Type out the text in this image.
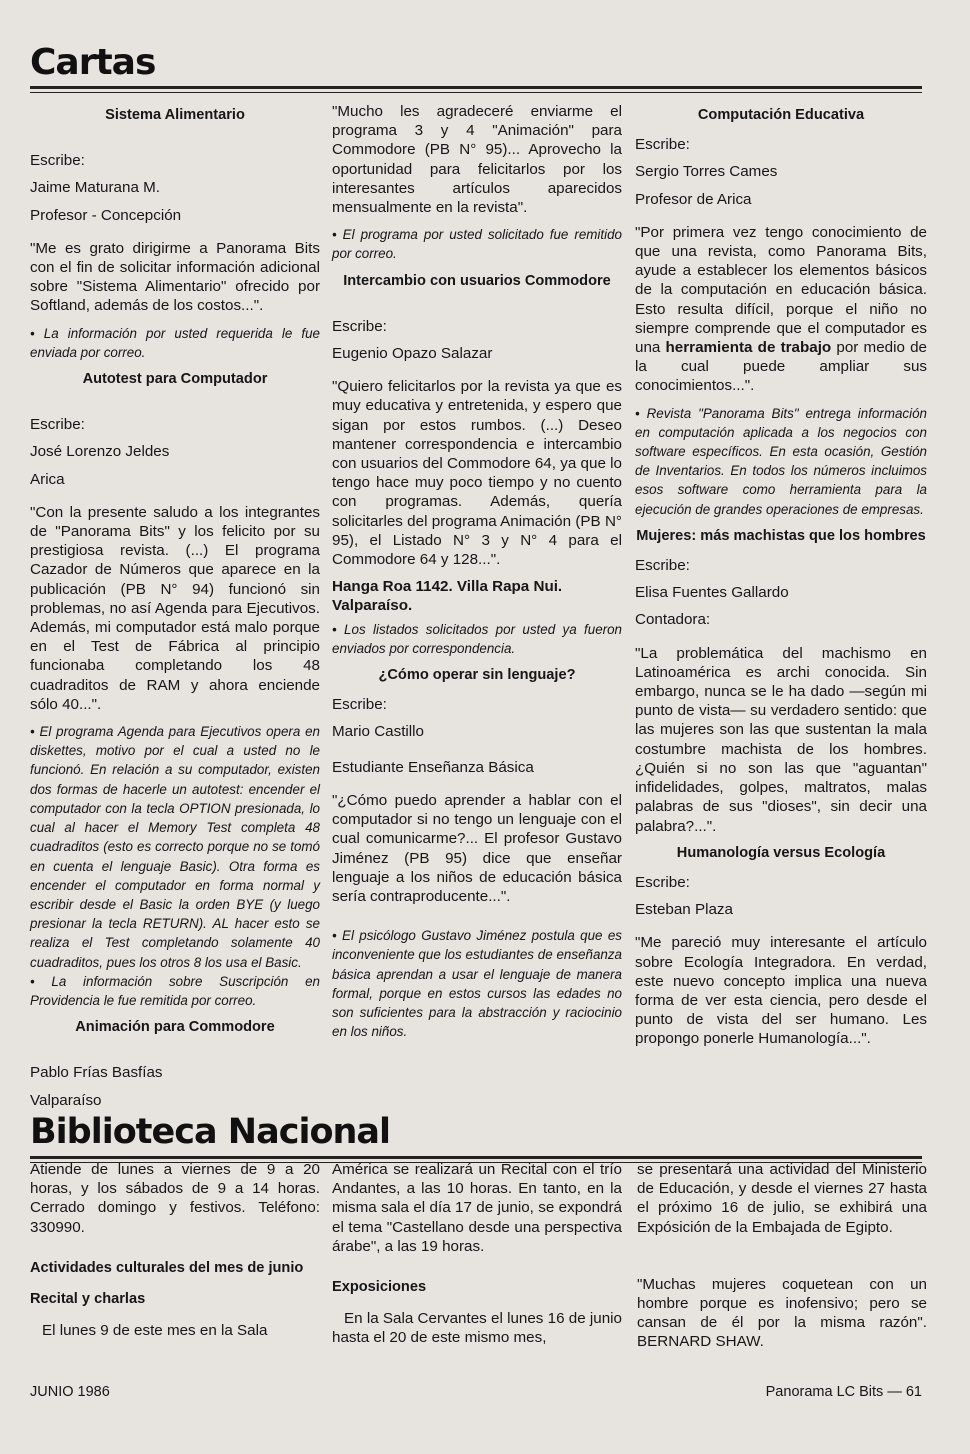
Cartas
Sistema Alimentario

Escribe:

Jaime Maturana M.

Profesor - Concepción

"Me es grato dirigirme a Panorama Bits con el fin de solicitar información adicional sobre "Sistema Alimentario" ofrecido por Softland, además de los costos...".

• La información por usted requerida le fue enviada por correo.

Autotest para Computador

Escribe:

José Lorenzo Jeldes

Arica

"Con la presente saludo a los integrantes de "Panorama Bits" y los felicito por su prestigiosa revista. (...) El programa Cazador de Números que aparece en la publicación (PB N° 94) funcionó sin problemas, no así Agenda para Ejecutivos. Además, mi computador está malo porque en el Test de Fábrica al principio funcionaba completando los 48 cuadraditos de RAM y ahora enciende sólo 40...".

• El programa Agenda para Ejecutivos opera en diskettes, motivo por el cual a usted no le funcionó. En relación a su computador, existen dos formas de hacerle un autotest: encender el computador con la tecla OPTION presionada, lo cual al hacer el Memory Test completa 48 cuadraditos (esto es correcto porque no se tomó en cuenta el lenguaje Basic). Otra forma es encender el computador en forma normal y escribir desde el Basic la orden BYE (y luego presionar la tecla RETURN). AL hacer esto se realiza el Test completando solamente 40 cuadraditos, pues los otros 8 los usa el Basic.

• La información sobre Suscripción en Providencia le fue remitida por correo.

Animación para Commodore

Pablo Frías Basfías

Valparaíso

"Mucho les agradeceré enviarme el programa 3 y 4 "Animación" para Commodore (PB N° 95)... Aprovecho la oportunidad para felicitarlos por los interesantes artículos aparecidos mensualmente en la revista".

• El programa por usted solicitado fue remitido por correo.

Intercambio con usuarios Commodore

Escribe:

Eugenio Opazo Salazar

"Quiero felicitarlos por la revista ya que es muy educativa y entretenida, y espero que sigan por estos rumbos. (...) Deseo mantener correspondencia e intercambio con usuarios del Commodore 64, ya que lo tengo hace muy poco tiempo y no cuento con programas. Además, quería solicitarles del programa Animación (PB N° 95), el Listado N° 3 y N° 4 para el Commodore 64 y 128...".

Hanga Roa 1142. Villa Rapa Nui. Valparaíso.

• Los listados solicitados por usted ya fueron enviados por correspondencia.

¿Cómo operar sin lenguaje?

Escribe:

Mario Castillo

Estudiante Enseñanza Básica

"¿Cómo puedo aprender a hablar con el computador si no tengo un lenguaje con el cual comunicarme?... El profesor Gustavo Jiménez (PB 95) dice que enseñar lenguaje a los niños de educación básica sería contraproducente...".

• El psicólogo Gustavo Jiménez postula que es inconveniente que los estudiantes de enseñanza básica aprendan a usar el lenguaje de manera formal, porque en estos cursos las edades no son suficientes para la abstracción y raciocinio en los niños.

Computación Educativa

Escribe:

Sergio Torres Cames

Profesor de Arica

"Por primera vez tengo conocimiento de que una revista, como Panorama Bits, ayude a establecer los elementos básicos de la computación en educación básica. Esto resulta difícil, porque el niño no siempre comprende que el computador es una herramienta de trabajo por medio de la cual puede ampliar sus conocimientos...".

• Revista "Panorama Bits" entrega información en computación aplicada a los negocios con software específicos. En esta ocasión, Gestión de Inventarios. En todos los números incluimos esos software como herramienta para la ejecución de grandes operaciones de empresas.

Mujeres: más machistas que los hombres

Escribe:

Elisa Fuentes Gallardo

Contadora:

"La problemática del machismo en Latinoamérica es archi conocida. Sin embargo, nunca se le ha dado —según mi punto de vista— su verdadero sentido: que las mujeres son las que sustentan la mala costumbre machista de los hombres. ¿Quién si no son las que "aguantan" infidelidades, golpes, maltratos, malas palabras de sus "dioses", sin decir una palabra?...".

Humanología versus Ecología

Escribe:

Esteban Plaza

"Me pareció muy interesante el artículo sobre Ecología Integradora. En verdad, este nuevo concepto implica una nueva forma de ver esta ciencia, pero desde el punto de vista del ser humano. Les propongo ponerle Humanología...".

Biblioteca Nacional

Atiende de lunes a viernes de 9 a 20 horas, y los sábados de 9 a 14 horas. Cerrado domingo y festivos. Teléfono: 330990.

Actividades culturales del mes de junio
Recital y charlas

El lunes 9 de este mes en la Sala

América se realizará un Recital con el trío Andantes, a las 10 horas. En tanto, en la misma sala el día 17 de junio, se expondrá el tema "Castellano desde una perspectiva árabe", a las 19 horas.

Exposiciones

En la Sala Cervantes el lunes 16 de junio hasta el 20 de este mismo mes,

se presentará una actividad del Ministerio de Educación, y desde el viernes 27 hasta el próximo 16 de julio, se exhibirá una Expósición de la Embajada de Egipto.

"Muchas mujeres coquetean con un hombre porque es inofensivo; pero se cansan de él por la misma razón". BERNARD SHAW.

JUNIO 1986	Panorama LC Bits — 61
